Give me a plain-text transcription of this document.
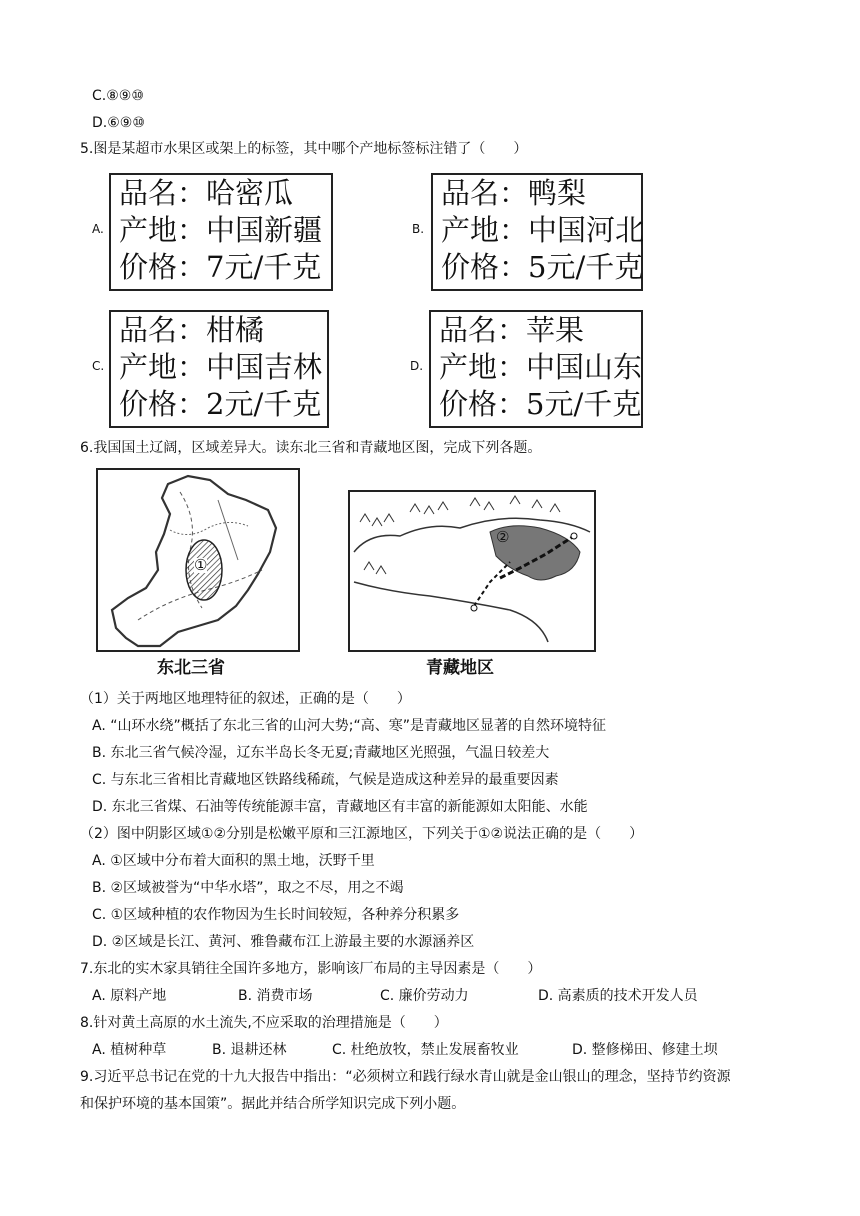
C.⑧⑨⑩
D.⑥⑨⑩
5.图是某超市水果区或架上的标签，其中哪个产地标签标注错了（　　）
A.
品名：哈密瓜
产地：中国新疆
价格：7元/千克
B.
品名：鸭梨
产地：中国河北
价格：5元/千克
C.
品名：柑橘
产地：中国吉林
价格：2元/千克
D.
品名：苹果
产地：中国山东
价格：5元/千克
6.我国国土辽阔，区域差异大。读东北三省和青藏地区图，完成下列各题。
①
东北三省
②
青藏地区
（1）关于两地区地理特征的叙述，正确的是（　　）
A. “山环水绕”概括了东北三省的山河大势;“高、寒”是青藏地区显著的自然环境特征
B. 东北三省气候冷湿，辽东半岛长冬无夏;青藏地区光照强，气温日较差大
C. 与东北三省相比青藏地区铁路线稀疏，气候是造成这种差异的最重要因素
D. 东北三省煤、石油等传统能源丰富，青藏地区有丰富的新能源如太阳能、水能
（2）图中阴影区域①②分别是松嫩平原和三江源地区，下列关于①②说法正确的是（　　）
A. ①区域中分布着大面积的黑土地，沃野千里
B. ②区域被誉为“中华水塔”，取之不尽，用之不竭
C. ①区域种植的农作物因为生长时间较短，各种养分积累多
D. ②区域是长江、黄河、雅鲁藏布江上游最主要的水源涵养区
7.东北的实木家具销往全国许多地方，影响该厂布局的主导因素是（　　）
A. 原料产地	B. 消费市场	C. 廉价劳动力	D. 高素质的技术开发人员
8.针对黄土高原的水土流失,不应采取的治理措施是（　　）
A. 植树种草	B. 退耕还林	C. 杜绝放牧，禁止发展畜牧业	D. 整修梯田、修建土坝
9.习近平总书记在党的十九大报告中指出：“必须树立和践行绿水青山就是金山银山的理念，坚持节约资源
和保护环境的基本国策”。据此并结合所学知识完成下列小题。
